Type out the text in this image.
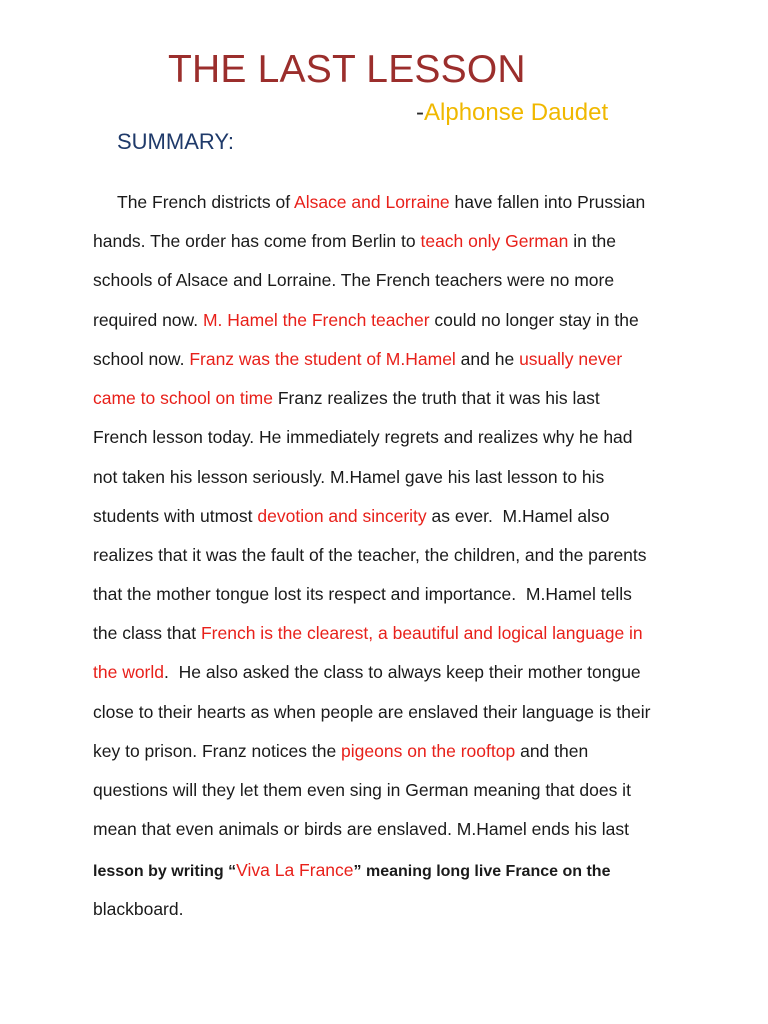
THE LAST LESSON
-Alphonse Daudet
SUMMARY:
The French districts of Alsace and Lorraine have fallen into Prussian
hands. The order has come from Berlin to teach only German in the
schools of Alsace and Lorraine. The French teachers were no more
required now. M. Hamel the French teacher could no longer stay in the
school now. Franz was the student of M.Hamel and he usually never
came to school on time Franz realizes the truth that it was his last
French lesson today. He immediately regrets and realizes why he had
not taken his lesson seriously. M.Hamel gave his last lesson to his
students with utmost devotion and sincerity as ever.  M.Hamel also
realizes that it was the fault of the teacher, the children, and the parents
that the mother tongue lost its respect and importance.  M.Hamel tells
the class that French is the clearest, a beautiful and logical language in
the world.  He also asked the class to always keep their mother tongue
close to their hearts as when people are enslaved their language is their
key to prison. Franz notices the pigeons on the rooftop and then
questions will they let them even sing in German meaning that does it
mean that even animals or birds are enslaved. M.Hamel ends his last
lesson by writing “Viva La France” meaning long live France on the
blackboard.
